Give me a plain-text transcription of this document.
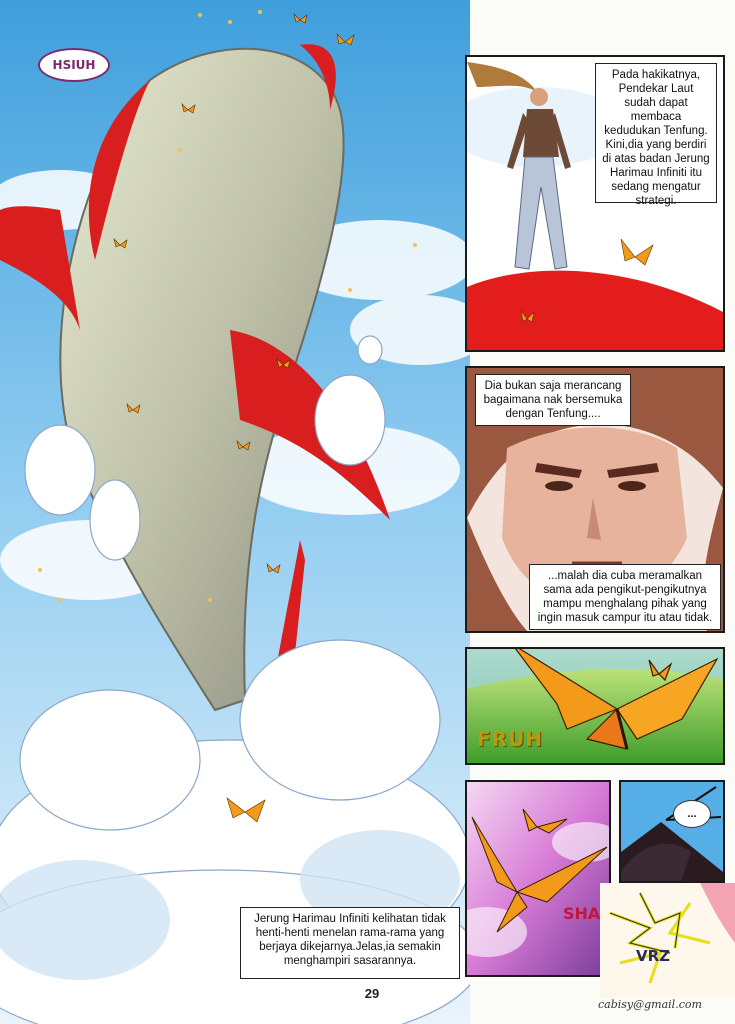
HSIUH
Jerung Harimau Infiniti kelihatan tidak henti-henti menelan rama-rama yang berjaya dikejarnya.Jelas,ia semakin menghampiri sasarannya.
Pada hakikatnya, Pendekar Laut sudah dapat membaca kedudukan Tenfung. Kini,dia yang berdiri di atas badan Jerung Harimau Infiniti itu sedang mengatur strategi.
Dia bukan saja merancang bagaimana nak bersemuka dengan Tenfung....
...malah dia cuba meramalkan sama ada pengikut-pengikutnya mampu menghalang pihak yang ingin masuk campur itu atau tidak.
FRUH
SHA
...
VRZ
29
cabisy@gmail.com
